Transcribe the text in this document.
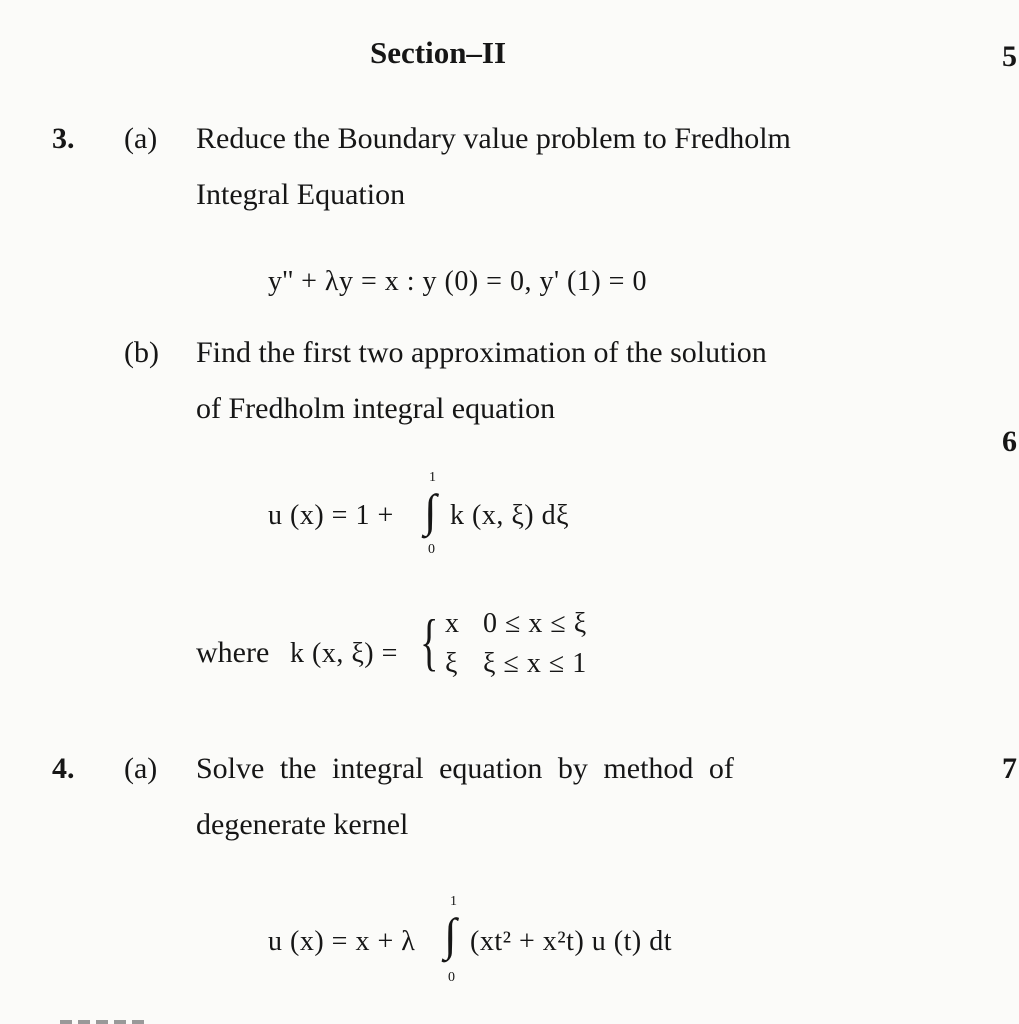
Section–II	5
6
7
3. (a) Reduce the Boundary value problem to Fredholm
Integral Equation
y'' + λy = x : y (0) = 0, y' (1) = 0
(b) Find the first two approximation of the solution
of Fredholm integral equation
u (x) = 1 +
1
∫
0
k (x, ξ) dξ
where k (x, ξ) = { x
ξ
0 ≤ x ≤ ξ
ξ ≤ x ≤ 1
4. (a) Solve the integral equation by method of
degenerate kernel
u (x) = x + λ
1
∫
0
(xt² + x²t) u (t) dt
